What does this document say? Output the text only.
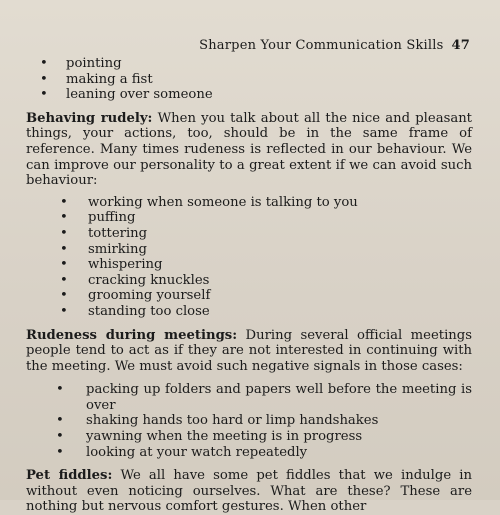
Sharpen Your Communication Skills 47
• pointing
• making a fist
• leaning over someone

Behaving rudely: When you talk about all the nice and pleasant things, your actions, too, should be in the same frame of reference. Many times rudeness is reflected in our behaviour. We can improve our personality to a great extent if we can avoid such behaviour:

• working when someone is talking to you
• puffing
• tottering
• smirking
• whispering
• cracking knuckles
• grooming yourself
• standing too close

Rudeness during meetings: During several official meetings people tend to act as if they are not interested in continuing with the meeting. We must avoid such negative signals in those cases:

• packing up folders and papers well before the meeting is over
• shaking hands too hard or limp handshakes
• yawning when the meeting is in progress
• looking at your watch repeatedly

Pet fiddles: We all have some pet fiddles that we indulge in without even noticing ourselves. What are these? These are nothing but nervous comfort gestures. When other
